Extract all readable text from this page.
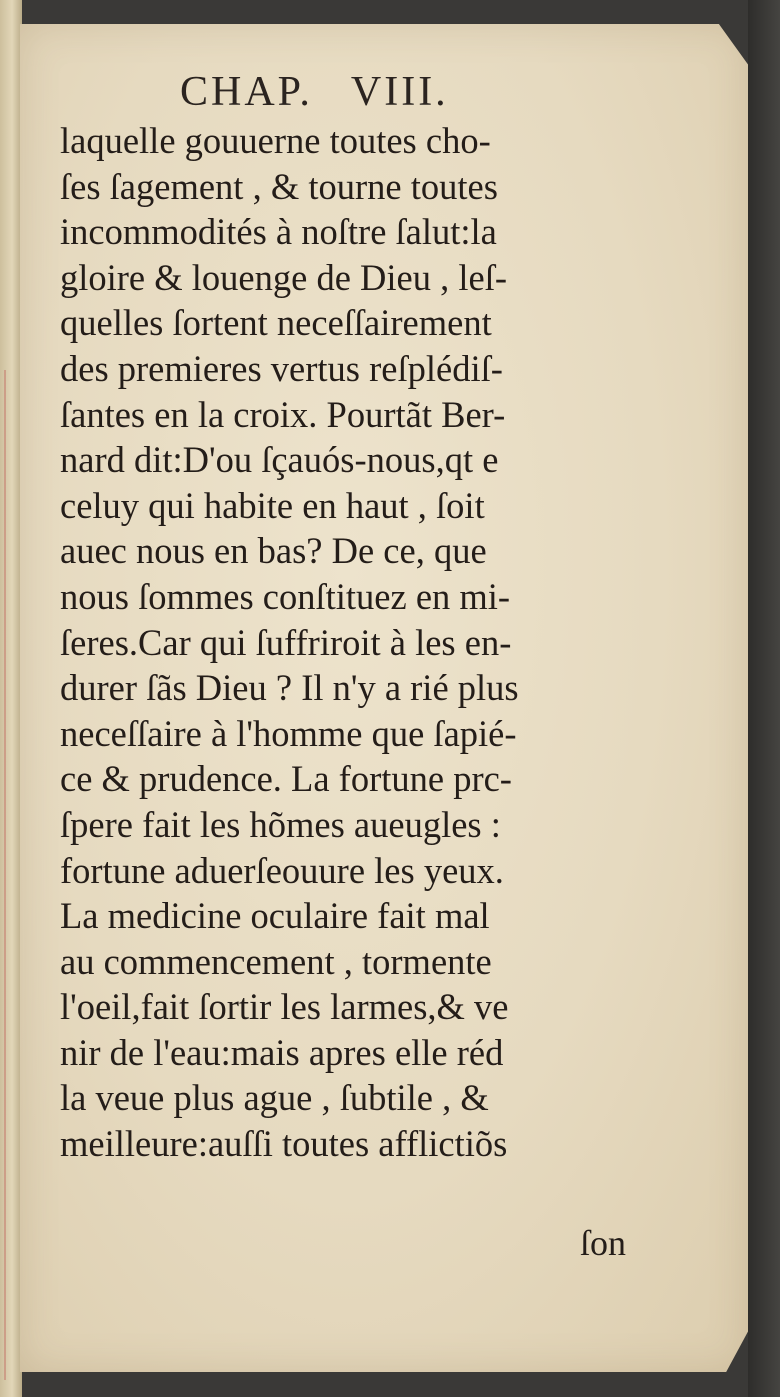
CHAP. VIII.
laquelle gouuerne toutes cho-
ſes ſagement , & tourne toutes
incommodités à noſtre ſalut:la
gloire & louenge de Dieu , leſ-
quelles ſortent neceſſairement
des premieres vertus reſplédiſ-
ſantes en la croix. Pourtãt Ber-
nard dit:D'ou ſçauós-nous,qt e
celuy qui habite en haut , ſoit
auec nous en bas? De ce, que
nous ſommes conſtituez en mi-
ſeres.Car qui ſuffriroit à les en-
durer ſãs Dieu ? Il n'y a rié plus
neceſſaire à l'homme que ſapié-
ce & prudence. La fortune prc-
ſpere fait les hõmes aueugles :
fortune aduerſeouure les yeux.
La medicine oculaire fait mal
au commencement , tormente
l'oeil,fait ſortir les larmes,& ve
nir de l'eau:mais apres elle réd
la veue plus ague , ſubtile , &
meilleure:auſſi toutes afflictiõs
ſon
